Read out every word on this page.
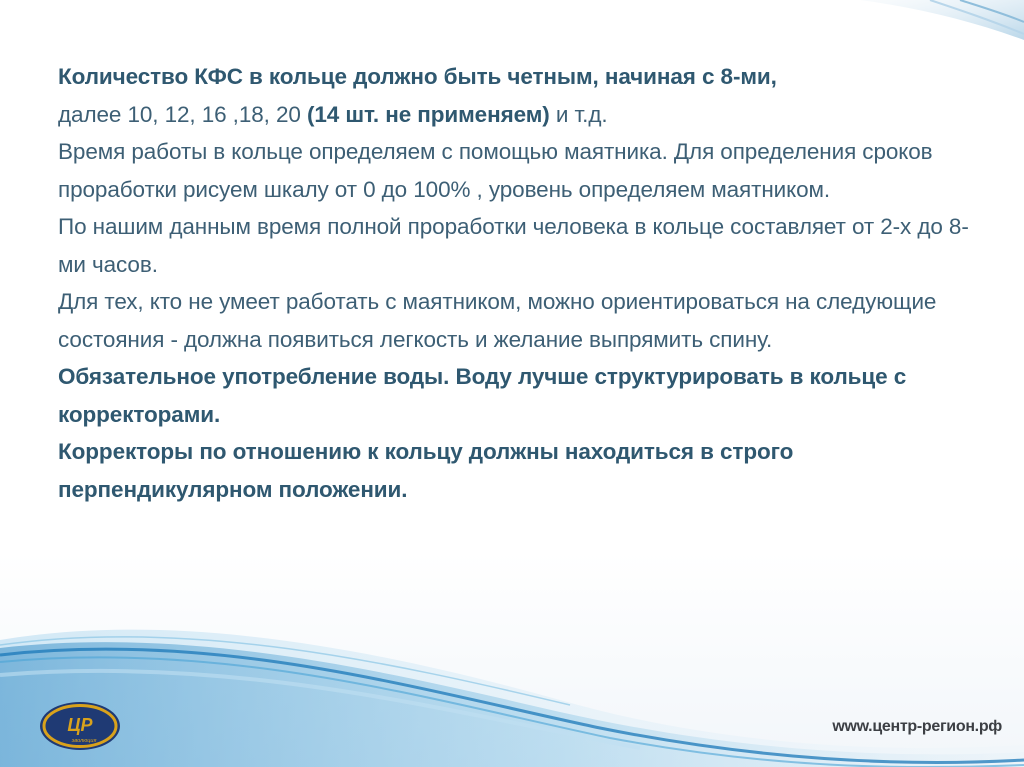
Количество КФС в кольце должно быть четным, начиная с 8-ми,

далее 10, 12, 16 ,18, 20 (14 шт. не применяем) и т.д.

Время работы в кольце определяем с помощью маятника. Для определения сроков проработки рисуем шкалу от 0 до 100% , уровень определяем маятником.

По нашим данным время полной проработки человека в кольце составляет от 2-х до 8-ми часов.

Для тех, кто не умеет работать с маятником, можно ориентироваться на следующие состояния - должна появиться легкость и желание выпрямить спину.

Обязательное употребление воды. Воду лучше структурировать в кольце с корректорами.

Корректоры по отношению к кольцу должны находиться в строго перпендикулярном положении.

ЦР
эволюция
www.центр-регион.рф
